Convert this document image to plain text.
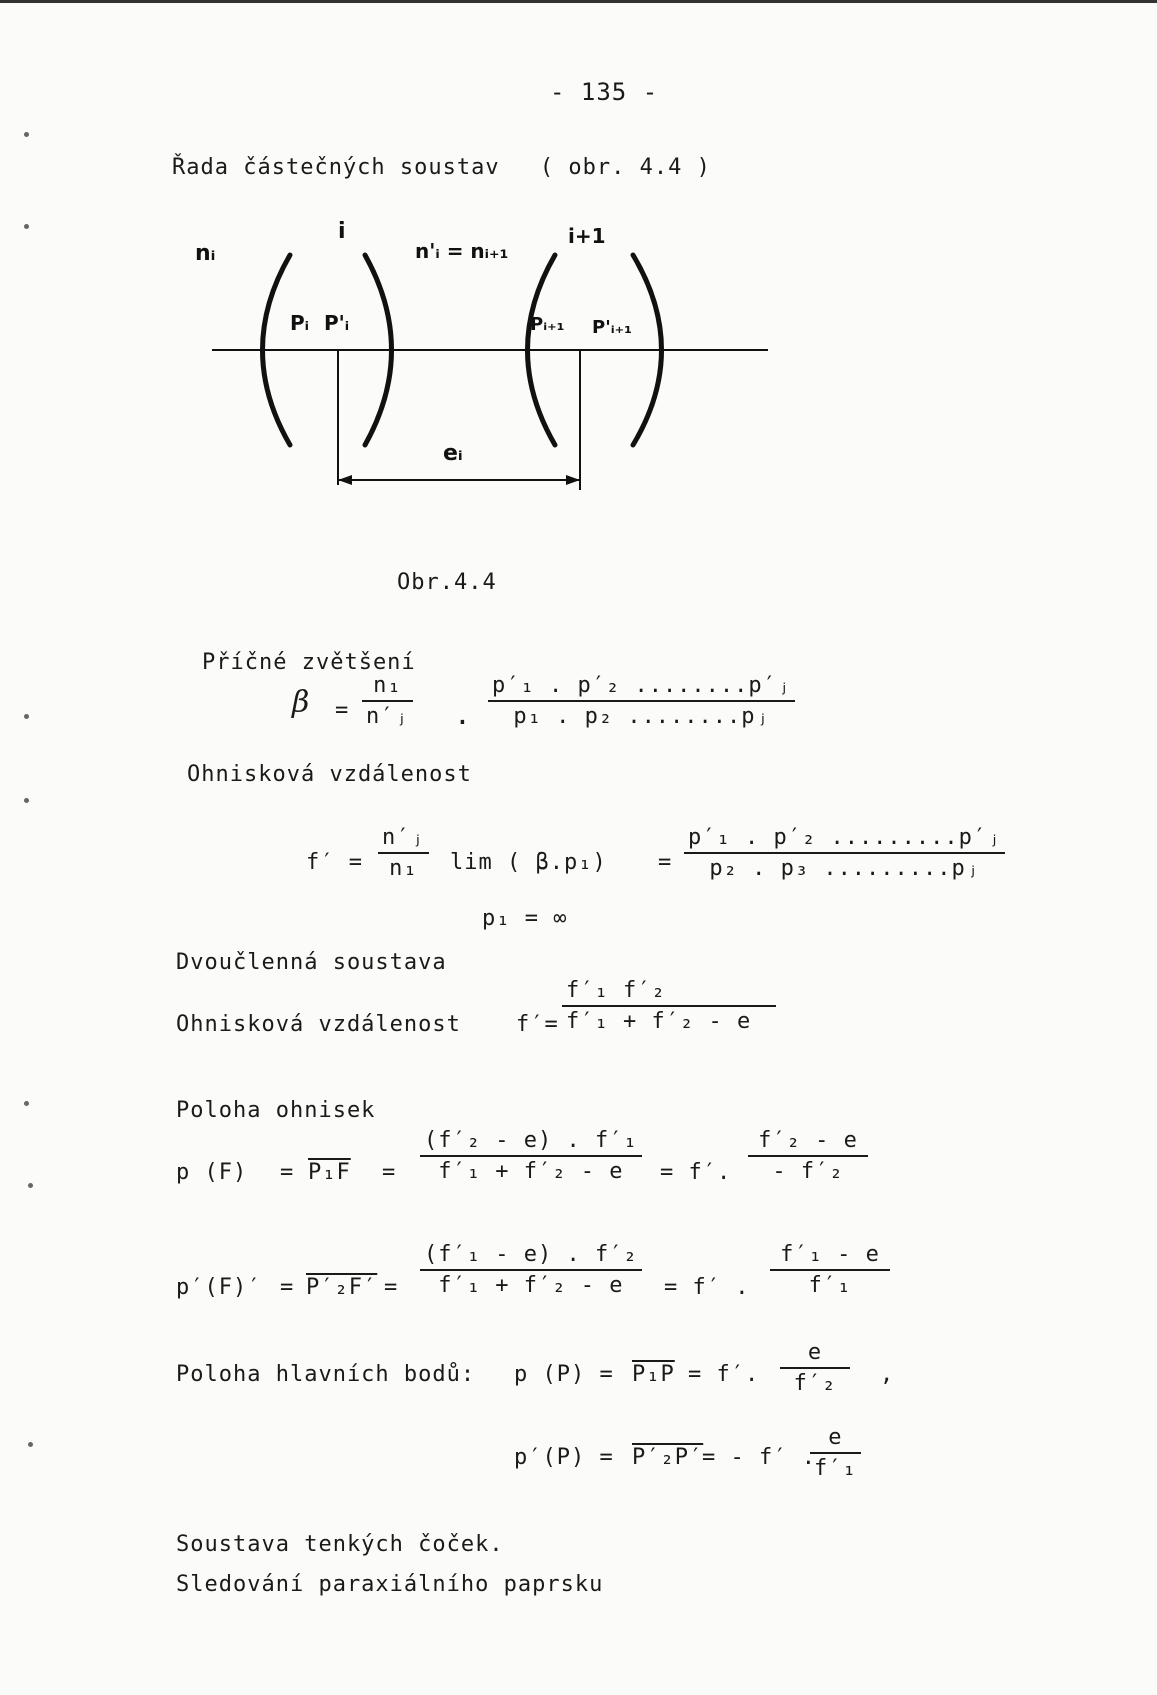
- 135 -
Řada částečných soustav ( obr. 4.4 )
nᵢ
i
n'ᵢ = nᵢ₊₁
i+1
Pᵢ P'ᵢ	Pᵢ₊₁ P'ᵢ₊₁
eᵢ
Obr.4.4
Příčné zvětšení
$\beta = \frac{\text{n₁}}{\text{n′ⱼ}}$ . $\frac{\text{p′₁ . p′₂ ........p′ⱼ}}{\text{p₁ . p₂ ........pⱼ}}$
Ohnisková vzdálenost
$f' = \frac{\text{n′ⱼ}}{\text{n₁}}$ lim ( β.p₁)
p₁ = ∞
= $\frac{\text{p′₁ . p′₂ .........p′ⱼ}}{\text{p₂ . p₃ .........pⱼ}}$
Dvoučlenná soustava
Ohnisková vzdálenost	$f'= \frac{\text{f′₁ f′₂}}{\text{f′₁ + f′₂ - e}}$
Poloha ohnisek
p $(F) = P_1F = \frac{\text{(f′₂ - e) . f′₁}}{\text{f′₁ + f′₂ - e}} = f'$. $\frac{\text{f′₂ - e}}{\text{- f′₂}}$
$p'(F)' = P'_2F' = \frac{\text{(f′₁ - e) . f′₂}}{\text{f′₁ + f′₂ - e}} = f'$ . $\frac{\text{f′₁ - e}}{\text{f′₁}}$
Poloha hlavních bodů: p (P) = P₁P = f′. $\frac{e}{\text{f′₂}}$ ,
p′(P) = P′₂P′
= - f′ .
$\frac{e}{\text{f′₁}}$
Soustava tenkých čoček.
Sledování paraxiálního paprsku
